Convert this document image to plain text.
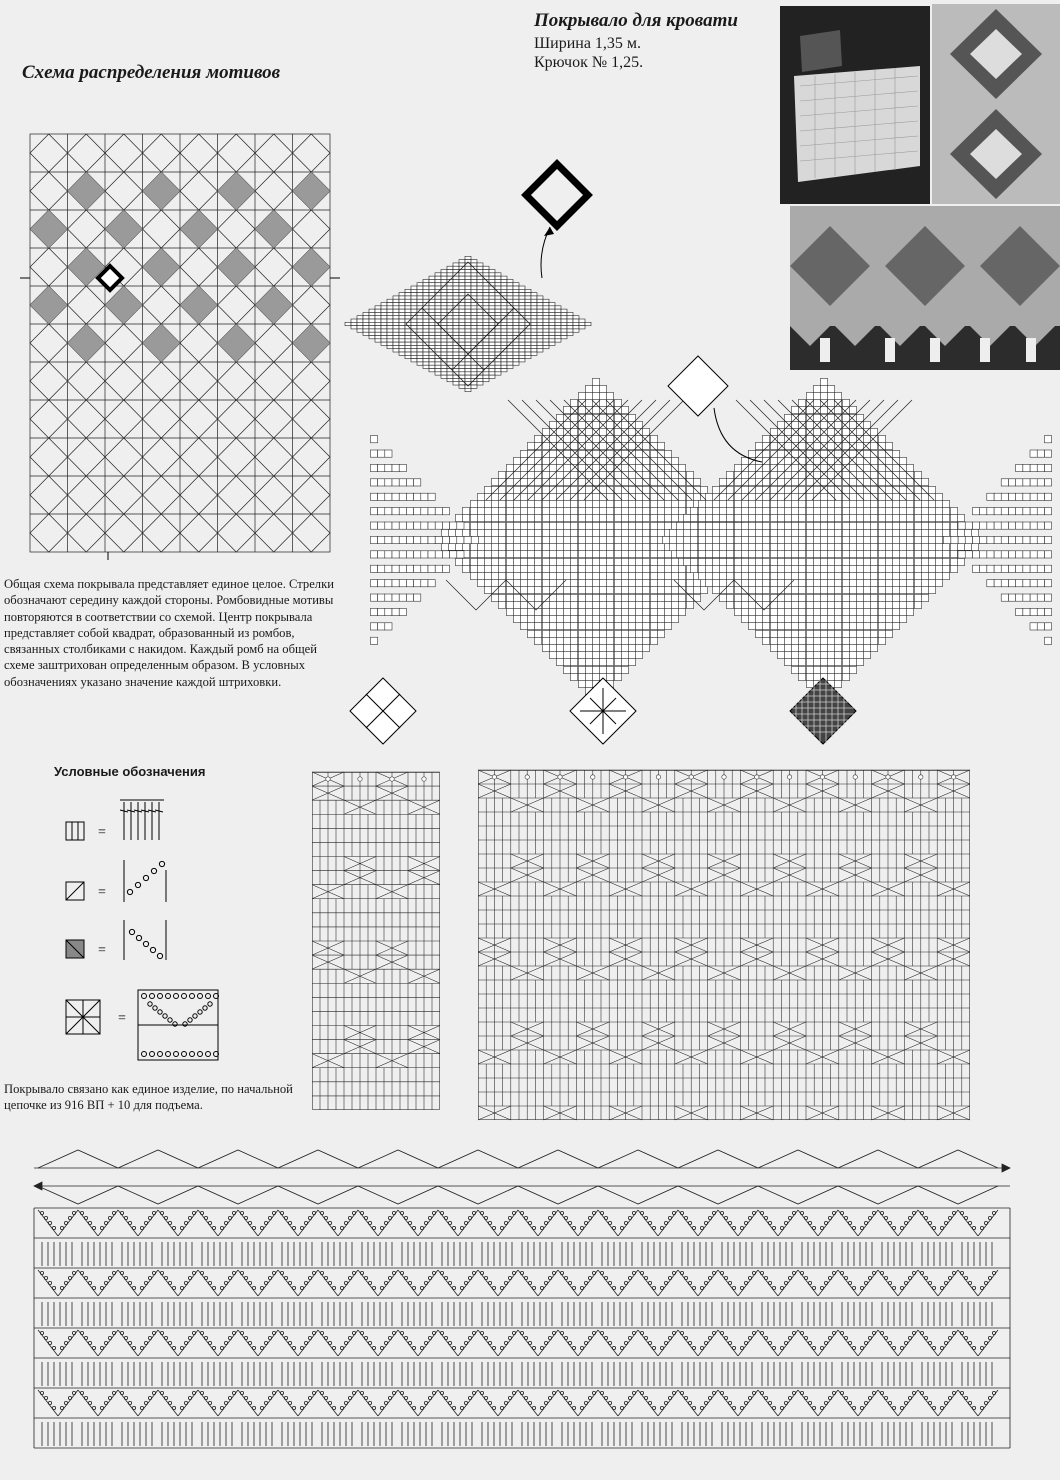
Схема распределения мотивов
Покрывало для кровати
Ширина 1,35 м.
Крючок № 1,25.
Общая схема покрывала представляет единое целое. Стрелки обозначают середину каждой стороны. Ромбовидные мотивы повторяются в соответствии со схемой. Центр покрывала представляет собой квадрат, образованный из ромбов, связанных столбиками с накидом. Каждый ромб на общей схеме заштрихован определенным образом. В условных обозначениях указано значение каждой штриховки.
Условные обозначения
Покрывало связано как единое изделие, по начальной цепочке из 916 ВП + 10 для подъема.
=
=
=
=
